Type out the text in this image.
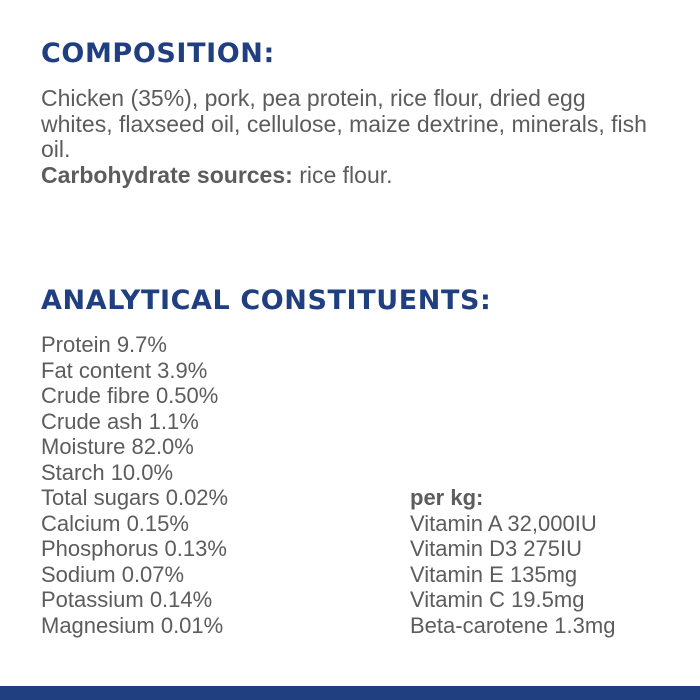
COMPOSITION:

Chicken (35%), pork, pea protein, rice flour, dried egg whites, flaxseed oil, cellulose, maize dextrine, minerals, fish oil.
Carbohydrate sources: rice flour.

ANALYTICAL CONSTITUENTS:
Protein 9.7%
Fat content 3.9%
Crude fibre 0.50%
Crude ash 1.1%
Moisture 82.0%
Starch 10.0%
Total sugars 0.02%
Calcium 0.15%
Phosphorus 0.13%
Sodium 0.07%
Potassium 0.14%
Magnesium 0.01%
per kg:
Vitamin A 32,000IU
Vitamin D3 275IU
Vitamin E 135mg
Vitamin C 19.5mg
Beta-carotene 1.3mg
